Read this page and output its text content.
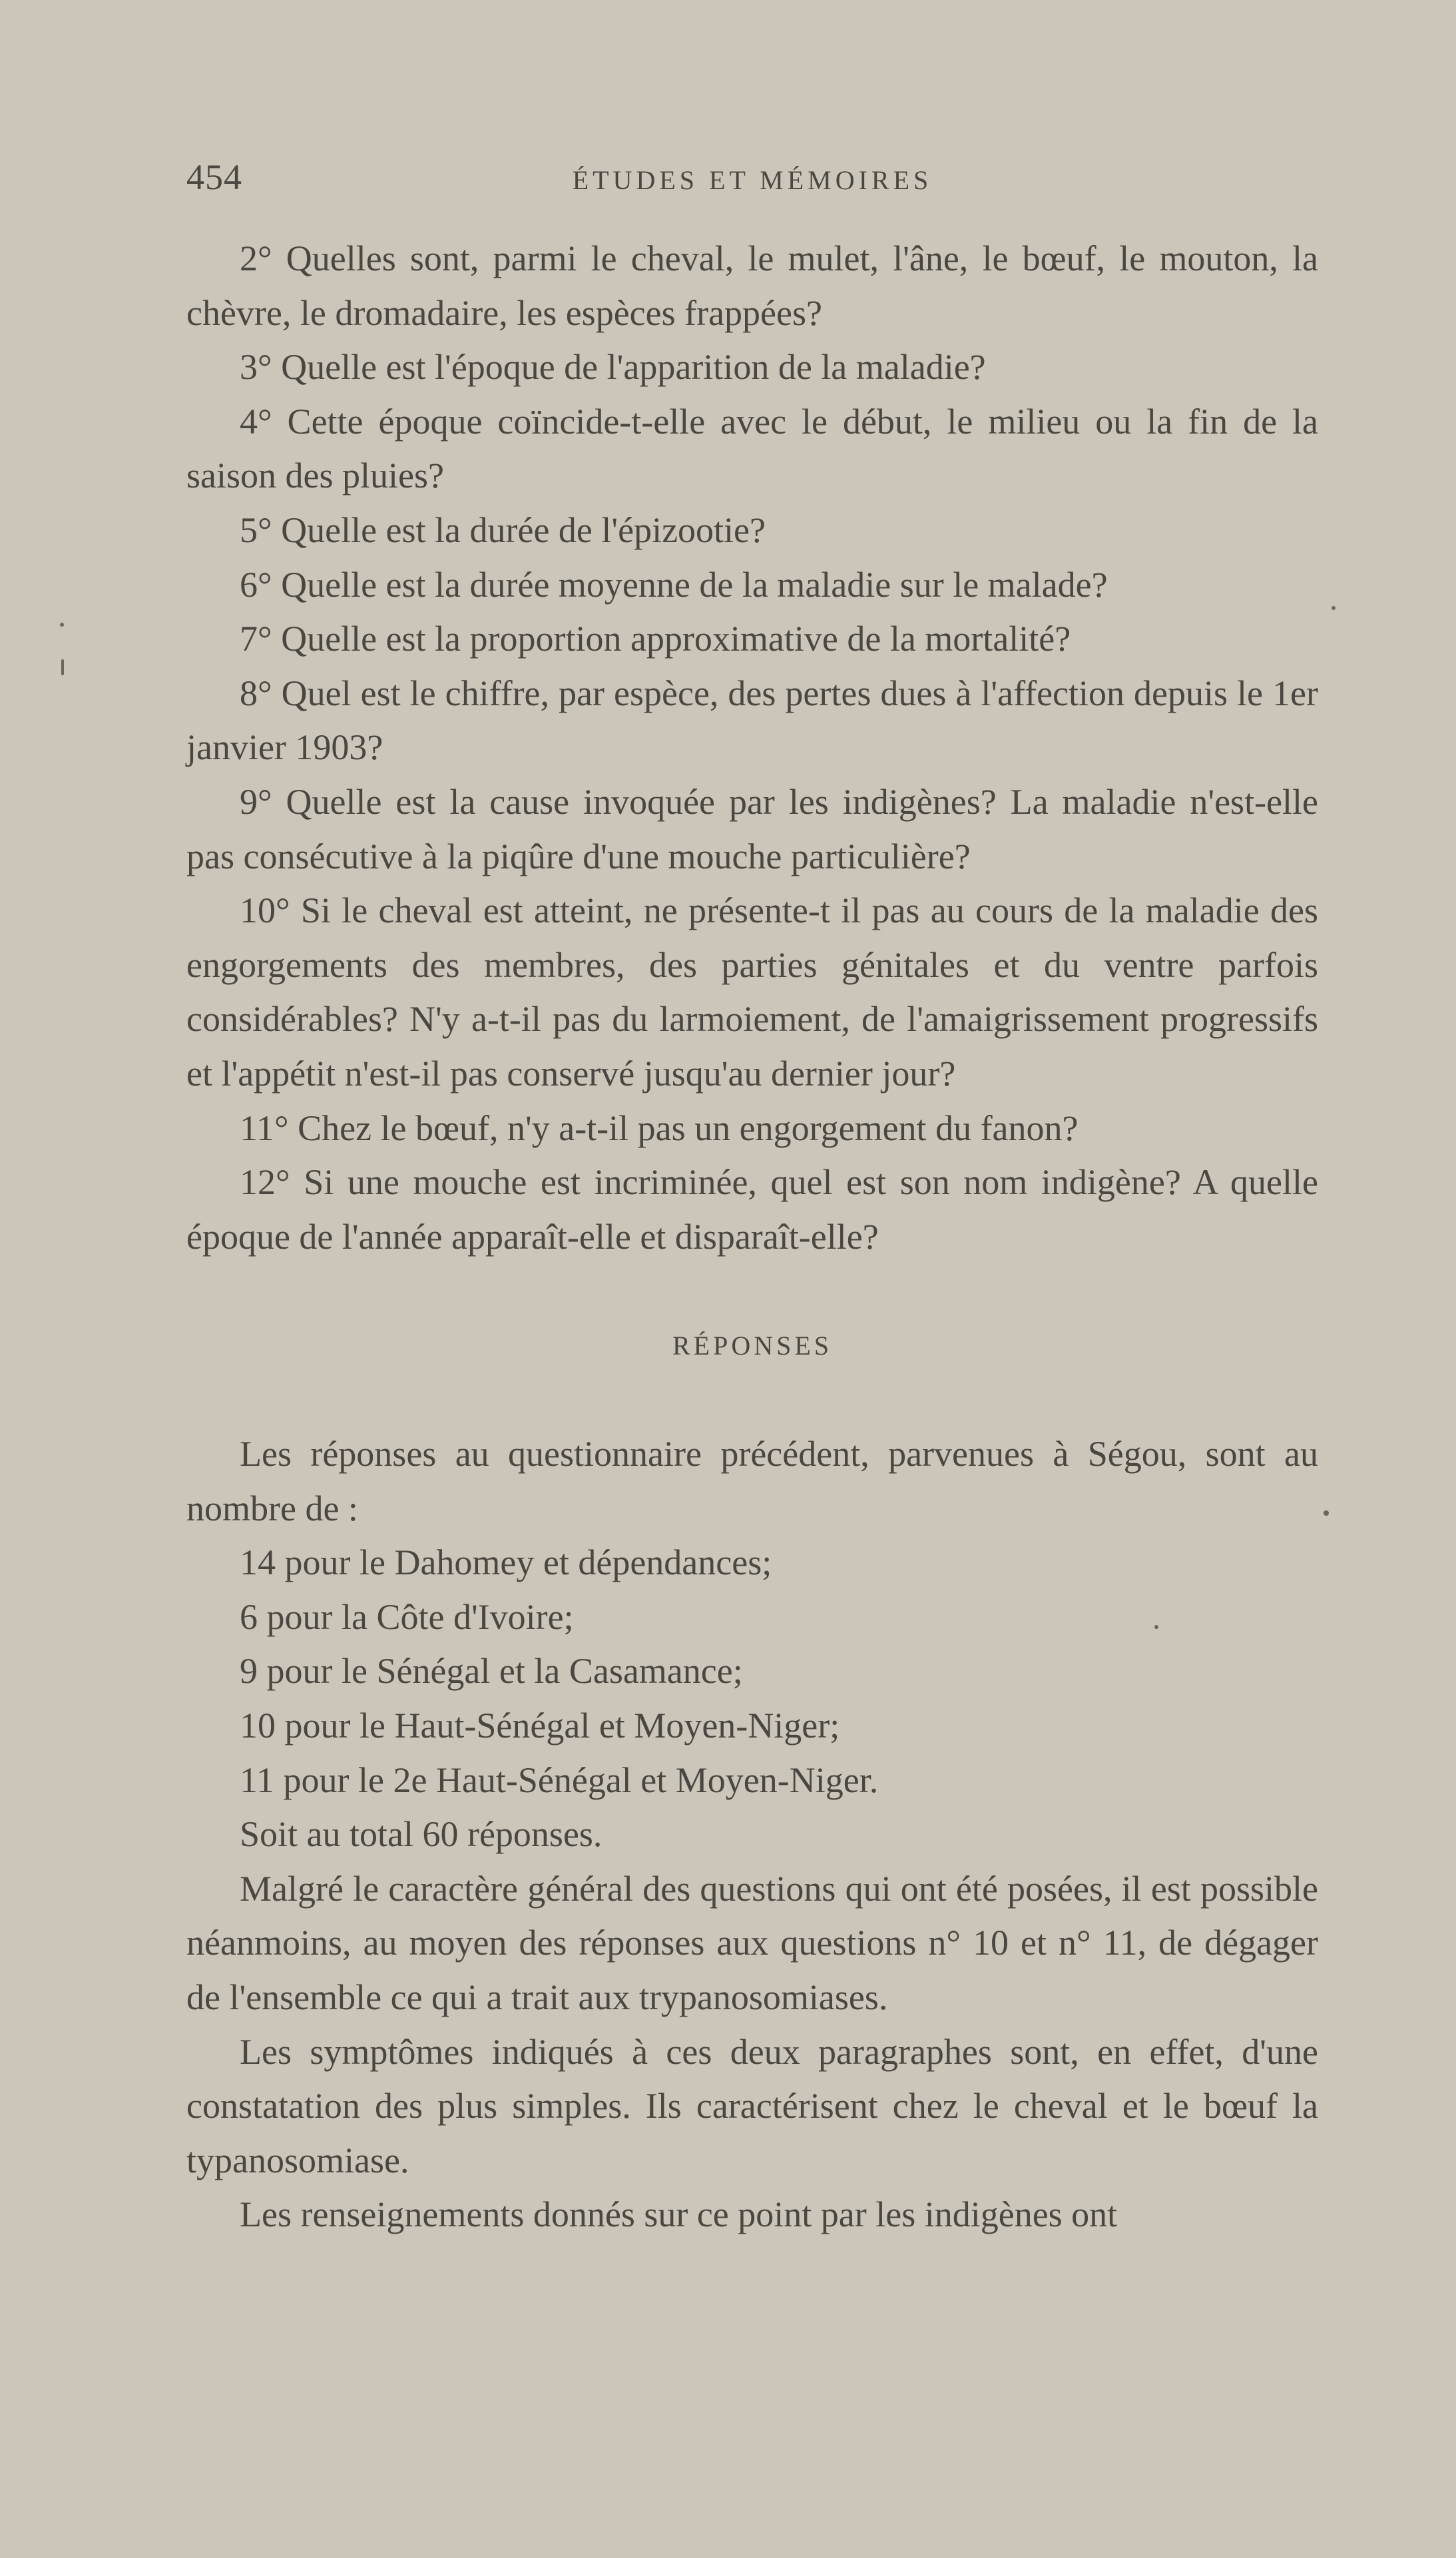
454	ÉTUDES ET MÉMOIRES

2° Quelles sont, parmi le cheval, le mulet, l'âne, le bœuf, le mouton, la chèvre, le dromadaire, les espèces frappées?

3° Quelle est l'époque de l'apparition de la maladie?

4° Cette époque coïncide-t-elle avec le début, le milieu ou la fin de la saison des pluies?

5° Quelle est la durée de l'épizootie?

6° Quelle est la durée moyenne de la maladie sur le malade?

7° Quelle est la proportion approximative de la mortalité?

8° Quel est le chiffre, par espèce, des pertes dues à l'affection depuis le 1er janvier 1903?

9° Quelle est la cause invoquée par les indigènes? La maladie n'est-elle pas consécutive à la piqûre d'une mouche particulière?

10° Si le cheval est atteint, ne présente-t il pas au cours de la maladie des engorgements des membres, des parties génitales et du ventre parfois considérables? N'y a-t-il pas du larmoiement, de l'amaigrissement progressifs et l'appétit n'est-il pas conservé jusqu'au dernier jour?

11° Chez le bœuf, n'y a-t-il pas un engorgement du fanon?

12° Si une mouche est incriminée, quel est son nom indigène? A quelle époque de l'année apparaît-elle et disparaît-elle?

RÉPONSES

Les réponses au questionnaire précédent, parvenues à Ségou, sont au nombre de :

14 pour le Dahomey et dépendances;

6 pour la Côte d'Ivoire;

9 pour le Sénégal et la Casamance;

10 pour le Haut-Sénégal et Moyen-Niger;

11 pour le 2e Haut-Sénégal et Moyen-Niger.

Soit au total 60 réponses.

Malgré le caractère général des questions qui ont été posées, il est possible néanmoins, au moyen des réponses aux questions n° 10 et n° 11, de dégager de l'ensemble ce qui a trait aux trypanosomiases.

Les symptômes indiqués à ces deux paragraphes sont, en effet, d'une constatation des plus simples. Ils caractérisent chez le cheval et le bœuf la typanosomiase.

Les renseignements donnés sur ce point par les indigènes ont
